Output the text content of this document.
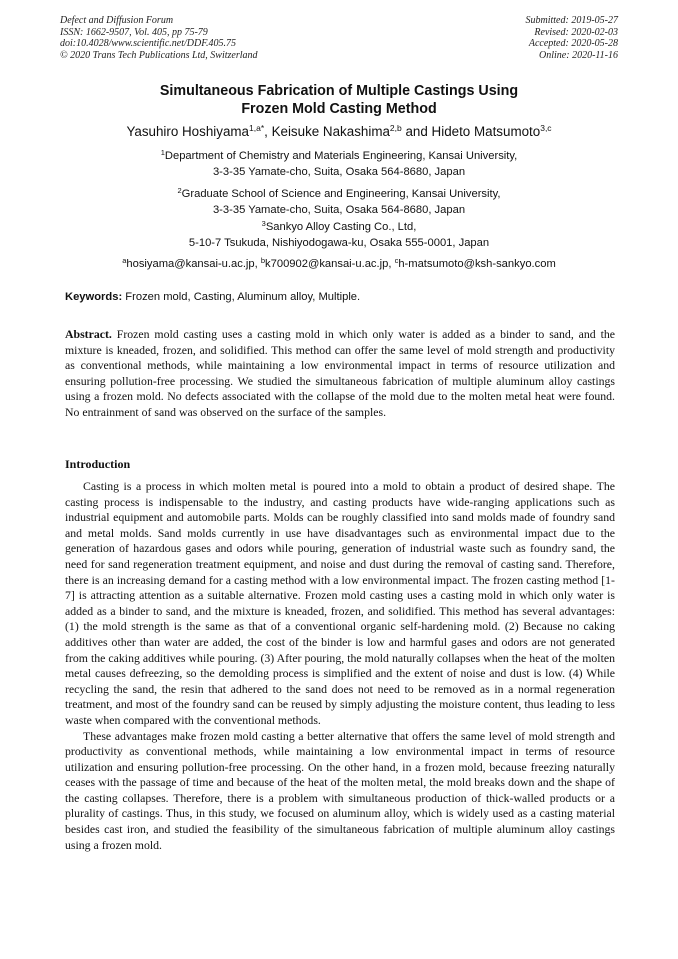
Defect and Diffusion Forum
ISSN: 1662-9507, Vol. 405, pp 75-79
doi:10.4028/www.scientific.net/DDF.405.75
© 2020 Trans Tech Publications Ltd, Switzerland
Submitted: 2019-05-27
Revised: 2020-02-03
Accepted: 2020-05-28
Online: 2020-11-16
Simultaneous Fabrication of Multiple Castings Using
Frozen Mold Casting Method
Yasuhiro Hoshiyama$^{1,a*}$, Keisuke Nakashima$^{2,b}$ and Hideto Matsumoto$^{3,c}$
$^1$Department of Chemistry and Materials Engineering, Kansai University,
3-3-35 Yamate-cho, Suita, Osaka 564-8680, Japan
$^2$Graduate School of Science and Engineering, Kansai University,
3-3-35 Yamate-cho, Suita, Osaka 564-8680, Japan
$^3$Sankyo Alloy Casting Co., Ltd,
5-10-7 Tsukuda, Nishiyodogawa-ku, Osaka 555-0001, Japan
$^a$hosiyama@kansai-u.ac.jp, $^b$k700902@kansai-u.ac.jp, $^c$h-matsumoto@ksh-sankyo.com
Keywords: Frozen mold, Casting, Aluminum alloy, Multiple.
Abstract. Frozen mold casting uses a casting mold in which only water is added as a binder to sand, and the mixture is kneaded, frozen, and solidified. This method can offer the same level of mold strength and productivity as conventional methods, while maintaining a low environmental impact in terms of resource utilization and ensuring pollution-free processing. We studied the simultaneous fabrication of multiple aluminum alloy castings using a frozen mold. No defects associated with the collapse of the mold due to the molten metal heat were found. No entrainment of sand was observed on the surface of the samples.
Introduction

Casting is a process in which molten metal is poured into a mold to obtain a product of desired shape. The casting process is indispensable to the industry, and casting products have wide-ranging applications such as industrial equipment and automobile parts. Molds can be roughly classified into sand molds made of foundry sand and metal molds. Sand molds currently in use have disadvantages such as environmental impact due to the generation of hazardous gases and odors while pouring, generation of industrial waste such as foundry sand, the need for sand regeneration treatment equipment, and noise and dust during the removal of casting sand. Therefore, there is an increasing demand for a casting method with a low environmental impact. The frozen casting method [1-7] is attracting attention as a suitable alternative. Frozen mold casting uses a casting mold in which only water is added as a binder to sand, and the mixture is kneaded, frozen, and solidified. This method has several advantages: (1) the mold strength is the same as that of a conventional organic self-hardening mold. (2) Because no caking additives other than water are added, the cost of the binder is low and harmful gases and odors are not generated from the caking additives while pouring. (3) After pouring, the mold naturally collapses when the heat of the molten metal causes defreezing, so the demolding process is simplified and the extent of noise and dust is low. (4) While recycling the sand, the resin that adhered to the sand does not need to be removed as in a normal regeneration treatment, and most of the foundry sand can be reused by simply adjusting the moisture content, thus leading to less waste when compared with the conventional methods.

These advantages make frozen mold casting a better alternative that offers the same level of mold strength and productivity as conventional methods, while maintaining a low environmental impact in terms of resource utilization and ensuring pollution-free processing. On the other hand, in a frozen mold, because freezing naturally ceases with the passage of time and because of the heat of the molten metal, the mold breaks down and the shape of the casting collapses. Therefore, there is a problem with simultaneous production of thick-walled products or a plurality of castings. Thus, in this study, we focused on aluminum alloy, which is widely used as a casting material besides cast iron, and studied the feasibility of the simultaneous fabrication of multiple aluminum alloy castings using a frozen mold.
